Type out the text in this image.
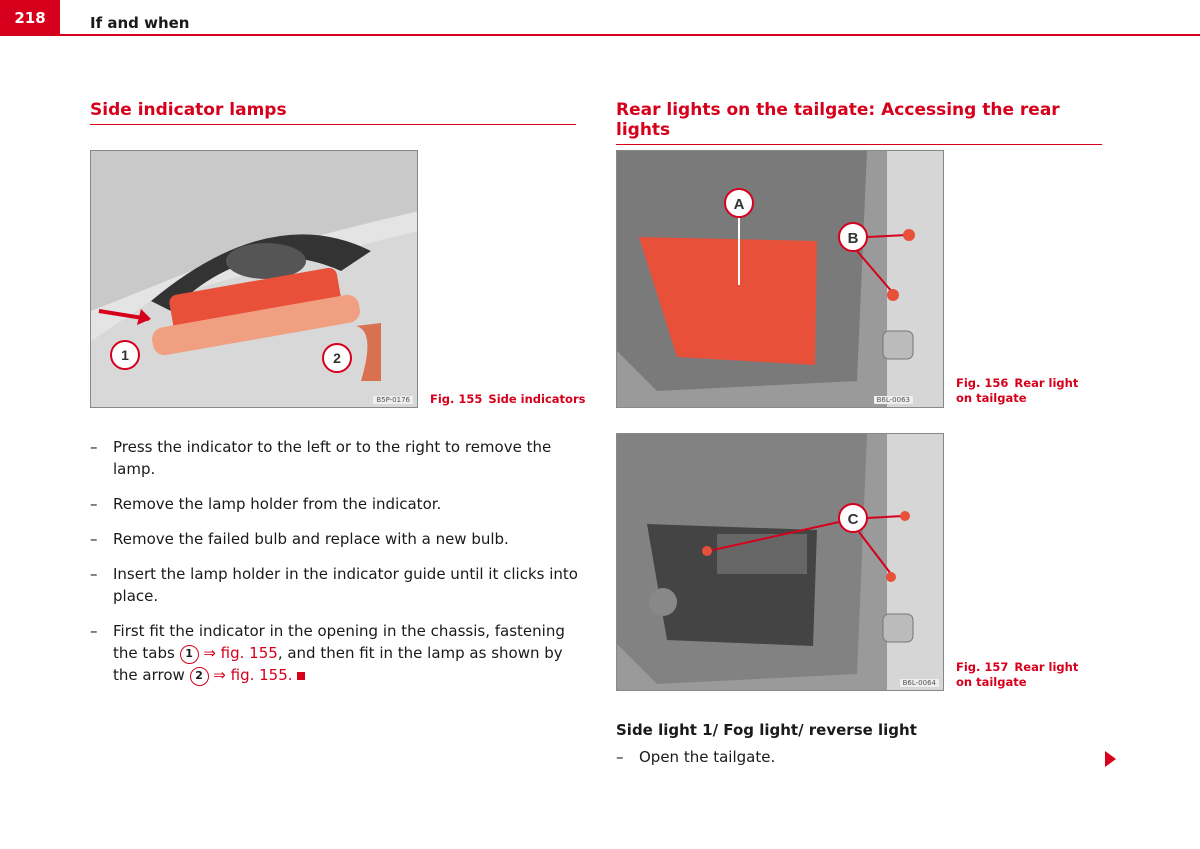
218	If and when
Side indicator lamps
1	2
B5P-0176 Fig. 155 Side indicators
–	Press the indicator to the left or to the right to remove the lamp.
–	Remove the lamp holder from the indicator.
–	Remove the failed bulb and replace with a new bulb.
–	Insert the lamp holder in the indicator guide until it clicks into place.
–	First fit the indicator in the opening in the chassis, fastening the tabs 1 ⇒ fig. 155, and then fit in the lamp as shown by the arrow 2 ⇒ fig. 155.
Rear lights on the tailgate: Accessing the rear lights
A
B
B6L-0063
Fig. 156 Rear light on tailgate
C
B6L-0064
Fig. 157 Rear light on tailgate
Side light 1/ Fog light/ reverse light
–	Open the tailgate.
